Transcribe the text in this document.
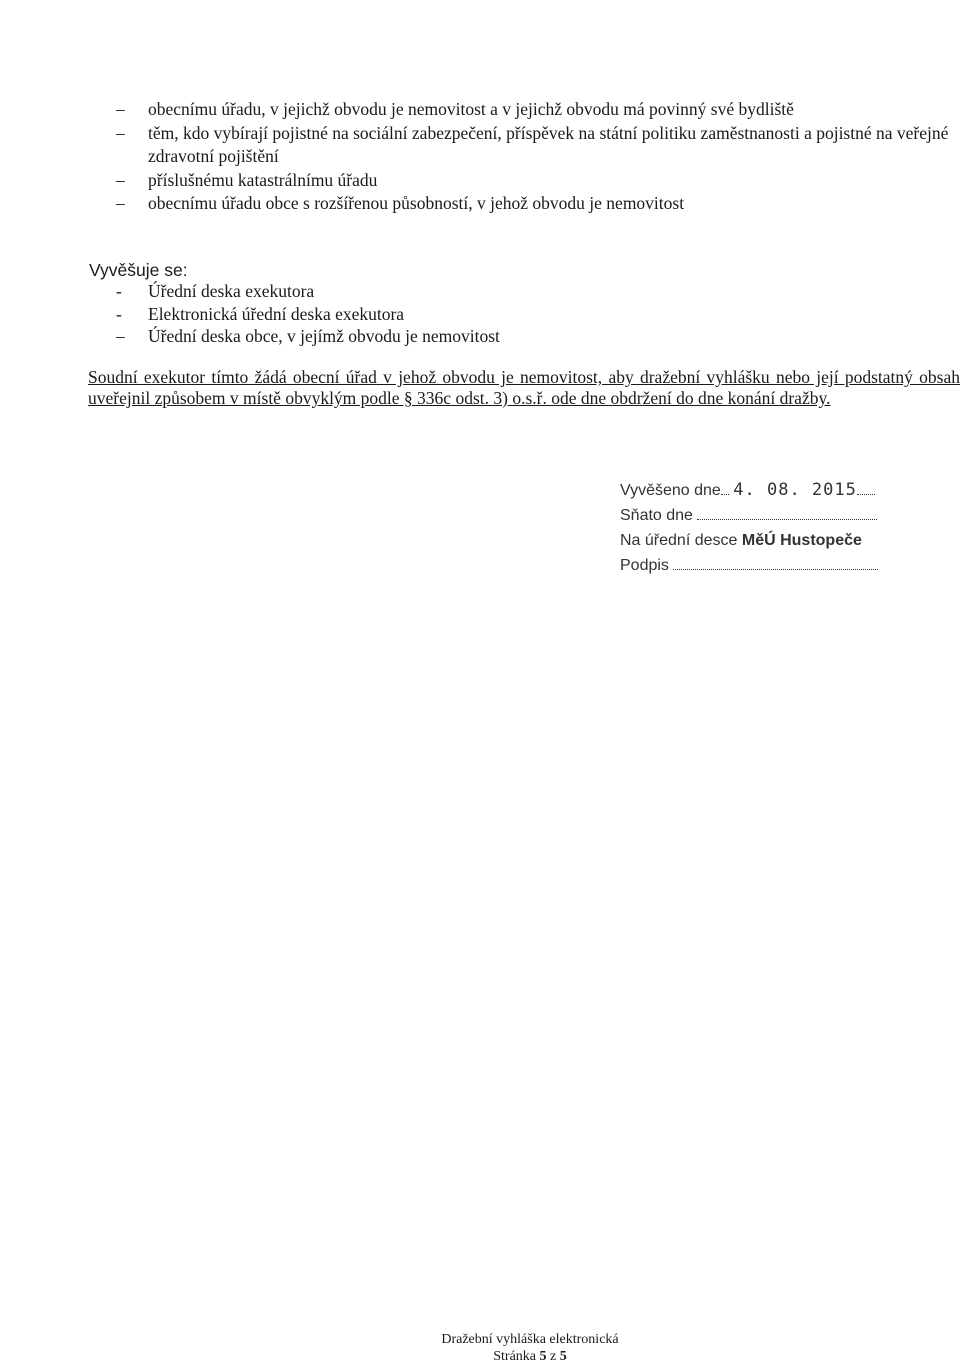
– obecnímu úřadu, v jejichž obvodu je nemovitost a v jejichž obvodu má povinný své bydliště
– těm, kdo vybírají pojistné na sociální zabezpečení, příspěvek na státní politiku zaměstnanosti a pojistné na veřejné zdravotní pojištění
– příslušnému katastrálnímu úřadu
– obecnímu úřadu obce s rozšířenou působností, v jehož obvodu je nemovitost
Vyvěšuje se:
- Úřední deska exekutora
- Elektronická úřední deska exekutora
– Úřední deska obce, v jejímž obvodu je nemovitost

Soudní exekutor tímto žádá obecní úřad v jehož obvodu je nemovitost, aby dražební vyhlášku nebo její podstatný obsah uveřejnil způsobem v místě obvyklým podle § 336c odst. 3) o.s.ř. ode dne obdržení do dne konání dražby.

Vyvěšeno dne 4. 08. 2015
Sňato dne
Na úřední desce MěÚ Hustopeče
Podpis
Dražební vyhláška elektronická
Stránka 5 z 5
